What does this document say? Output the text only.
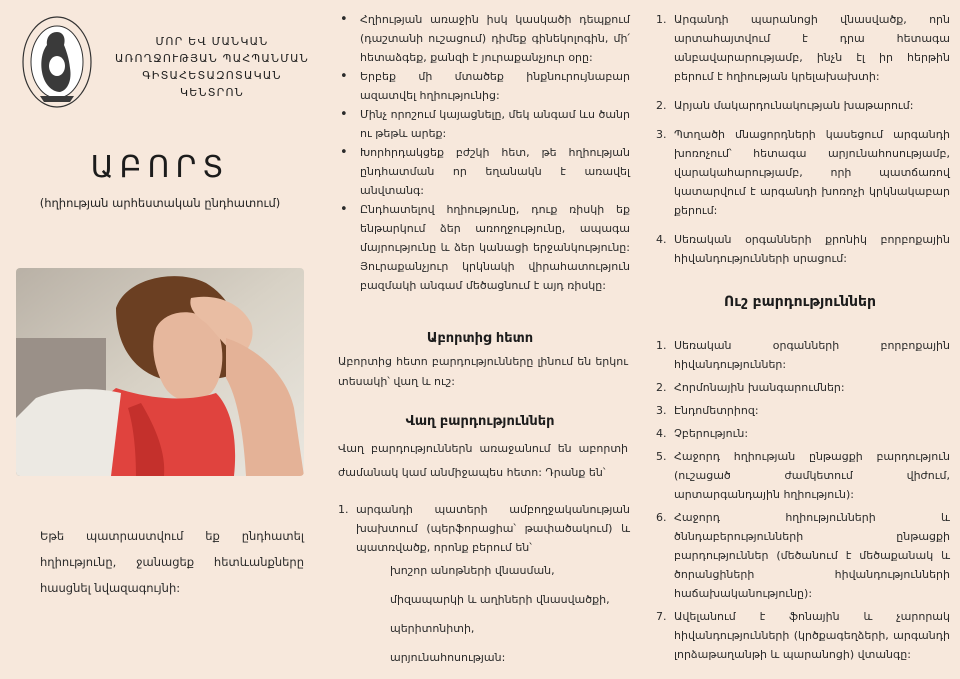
ՄՈՐ ԵՎ ՄԱՆԿԱՆ
ԱՌՈՂՋՈՒԹՅԱՆ ՊԱՀՊԱՆՄԱՆ
ԳԻՏԱՀԵՏԱԶՈՏԱԿԱՆ ԿԵՆՏՐՈՆ
ԱԲՈՐՏ
(հղիության արհեստական ընդհատում)

Եթե պատրաստվում եք ընդհատել հղիությունը, ջանացեք հետևանքները հասցնել նվազագույնի:

• Հղիության առաջին իսկ կասկածի դեպքում (դաշտանի ուշացում) դիմեք գինեկոլոգին, մի՛ հետաձգեք, քանզի է յուրաքանչյուր օրը:
• Երբեք մի մտածեք ինքնուրույնաբար ազատվել հղիությունից:
• Մինչ որոշում կայացնելը, մեկ անգամ ևս ծանր ու թեթև արեք:
• Խորհրդակցեք բժշկի հետ, թե հղիության ընդհատման որ եղանակն է առավել անվտանգ:
• Ընդհատելով հղիությունը, դուք ռիսկի եք ենթարկում ձեր առողջությունը, ապագա մայրությունը և ձեր կանացի երջանկությունը: Յուրաքանչյուր կրկնակի վիրահատություն բազմակի անգամ մեծացնում է այդ ռիսկը:
Աբորտից հետո

Աբորտից հետո բարդությունները լինում են երկու տեսակի՝ վաղ և ուշ:

Վաղ բարդություններ

Վաղ բարդություններն առաջանում են աբորտի ժամանակ կամ անմիջապես հետո: Դրանք են՝

1. արգանդի պատերի ամբողջականության խախտում (պերֆորացիա՝ թափածակում) և պատռվածք, որոնք բերում են՝
խոշոր անոթների վնասման,
միզապարկի և աղիների վնասվածքի,
պերիտոնիտի,
արյունահոսության:
1. Արգանդի պարանոցի վնասվածք, որն արտահայտվում է դրա հետագա անբավարարությամբ, ինչն էլ իր հերթին բերում է հղիության կրելախախտի:
2. Արյան մակարդունակության խաթարում:
3. Պտղածի մնացորդների կասեցում արգանդի խոռոչում՝ հետագա արյունահոսությամբ, վարակահարությամբ, որի պատճառով կատարվում է արգանդի խոռոչի կրկնակաբար քերում:
4. Սեռական օրգանների քրոնիկ բորբոքային հիվանդությունների սրացում:
Ուշ բարդություններ
1. Սեռական օրգանների բորբոքային հիվանդություններ:
2. Հորմոնային խանգարումներ:
3. Էնդոմետրիոզ:
4. Չբերություն:
5. Հաջորդ հղիության ընթացքի բարդություն (ուշացած ժամկետում վիժում, արտարգանդային հղիություն):
6. Հաջորդ հղիությունների և ծննդաբերությունների ընթացքի բարդություններ (մեծանում է մեծաքանակ և ծորանցիների հիվանդությունների հաճախականությունը):
7. Ավելանում է ֆոնային և չարորակ հիվանդությունների (կրծքագեղձերի, արգանդի լորձաթաղանթի և պարանոցի) վտանգը:
